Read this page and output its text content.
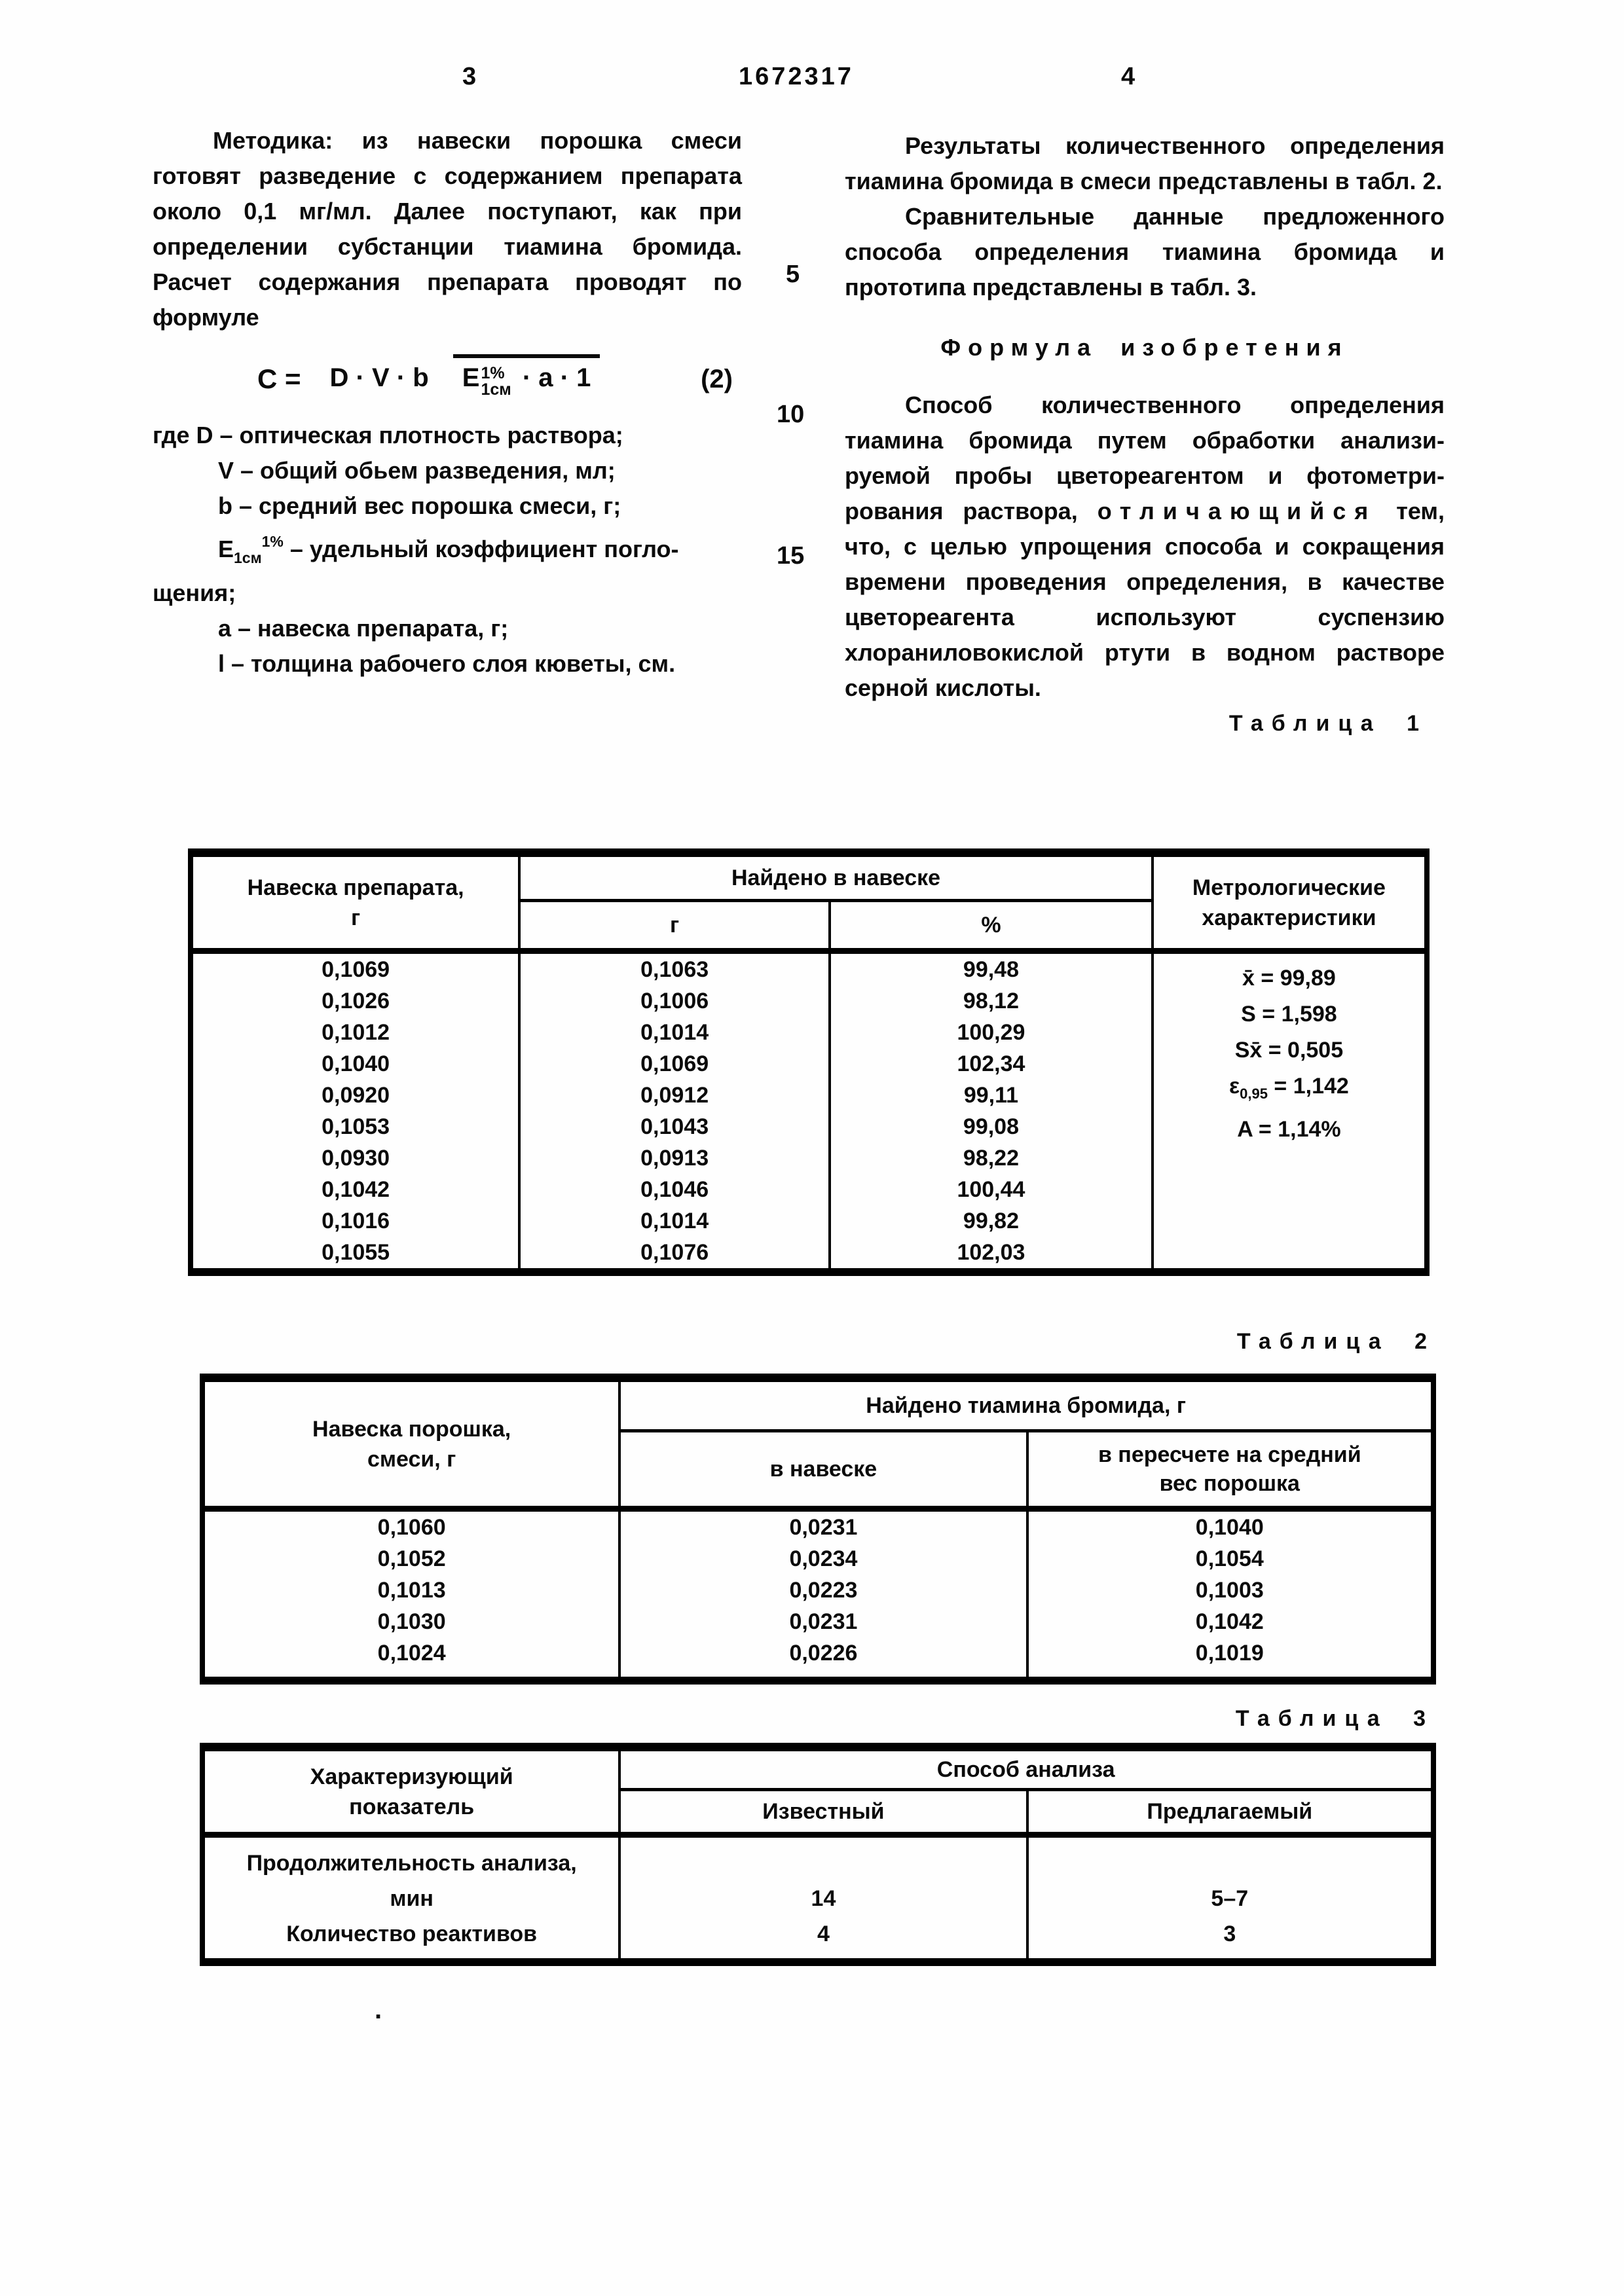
3	1672317	4
5
10
15

Методика: из навески порошка смеси готовят разведение с содержанием препарата около 0,1 мг/мл. Далее поступают, как при определении субстанции тиамина бромида. Расчет содержания препарата проводят по формуле

C =	D · V · b E 1%
1см · а · 1	(2)
где D – оптическая плотность раствора;
V – общий обьем разведения, мл;
b – средний вес порошка смеси, г;
$E_{1см}^{1\%}$ – удельный коэффициент погло-
щения;
а – навеска препарата, г;
l – толщина рабочего слоя кюветы, см.

Результаты количественного определения тиамина бромида в смеси представлены в табл. 2.

Сравнительные данные предложенного способа определения тиамина бромида и прототипа представлены в табл. 3.

Формула изобретения

Способ количественного определения тиамина бромида путем обработки анализируемой пробы цветореагентом и фотометрирования раствора, отличающийся тем, что, с целью упрощения способа и сокращения времени проведения определения, в качестве цветореагента используют суспензию хлораниловокислой ртути в водном растворе серной кислоты.

Таблица 1
Таблица 2
Таблица 3
Навеска препарата,
г	Найдено в навеске		Метрологические
характеристики

	г	%	
0,1069	0,1063	99,48	x̄ = 99,89
S = 1,598
Sx̄ = 0,505
$\varepsilon_{0,95} = 1,142$
A = 1,14%

0,1026	0,1006	98,12	
0,1012	0,1014	100,29	
0,1040	0,1069	102,34	
0,0920	0,0912	99,11	
0,1053	0,1043	99,08	
0,0930	0,0913	98,22	
0,1042	0,1046	100,44	
0,1016	0,1014	99,82	
0,1055	0,1076	102,03	
Навеска порошка,
смеси, г	Найдено тиамина бромида, г	
	в навеске	в пересчете на средний
вес порошка

0,1060	0,0231	0,1040
0,1052	0,0234	0,1054
0,1013	0,0223	0,1003
0,1030	0,0231	0,1042
0,1024	0,0226	0,1019
Характеризующий
показатель	Способ анализа	
	Известный	Предлагаемый

Продолжительность анализа,
мин	14	5–7
Количество реактивов	4	3
.
